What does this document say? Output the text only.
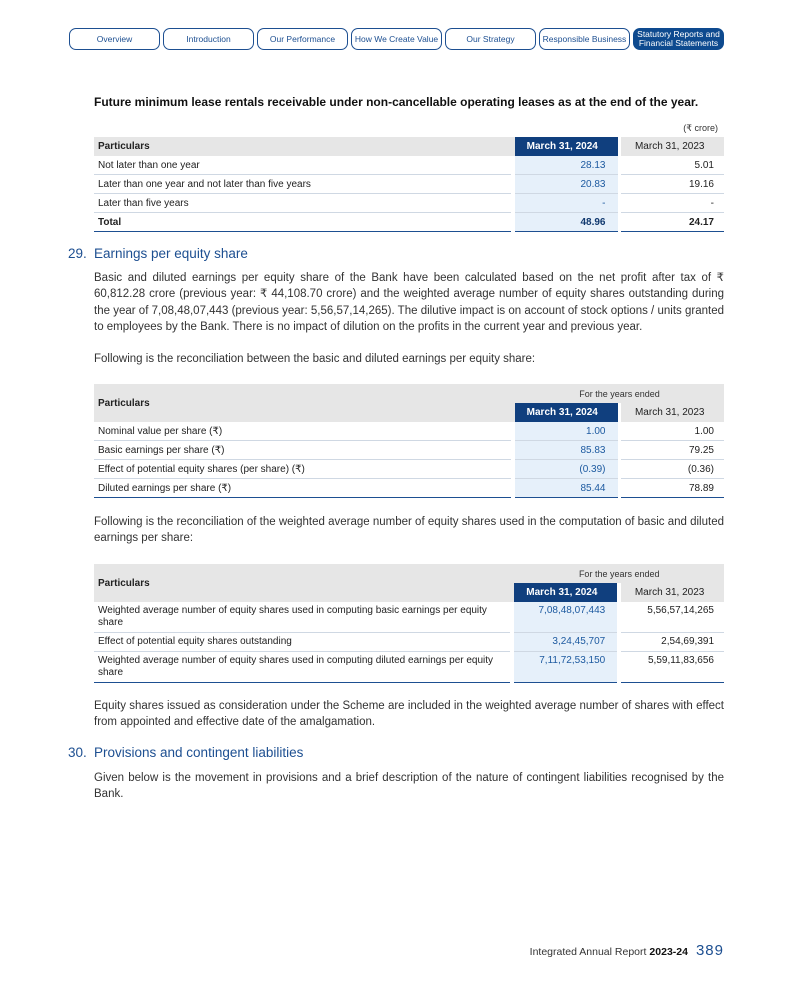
Overview	Introduction	Our Performance	How We Create Value	Our Strategy	Responsible Business	Statutory Reports and Financial Statements
Future minimum lease rentals receivable under non-cancellable operating leases as at the end of the year.
(₹ crore)
Particulars		March 31, 2024		March 31, 2023
Not later than one year		28.13		5.01
Later than one year and not later than five years		20.83		19.16
Later than five years		-		-
Total		48.96		24.17
29. Earnings per equity share
Basic and diluted earnings per equity share of the Bank have been calculated based on the net profit after tax of ₹ 60,812.28 crore (previous year: ₹ 44,108.70 crore) and the weighted average number of equity shares outstanding during the year of 7,08,48,07,443 (previous year: 5,56,57,14,265). The dilutive impact is on account of stock options / units granted to employees by the Bank. There is no impact of dilution on the profits in the current year and previous year.
Following is the reconciliation between the basic and diluted earnings per equity share:
Particulars		For the years ended		
		March 31, 2024		March 31, 2023
Nominal value per share (₹)		1.00		1.00
Basic earnings per share (₹)		85.83		79.25
Effect of potential equity shares (per share) (₹)		(0.39)		(0.36)
Diluted earnings per share (₹)		85.44		78.89
Following is the reconciliation of the weighted average number of equity shares used in the computation of basic and diluted earnings per share:
Particulars		For the years ended		
		March 31, 2024		March 31, 2023
Weighted average number of equity shares used in computing basic earnings per equity share		7,08,48,07,443		5,56,57,14,265
Effect of potential equity shares outstanding		3,24,45,707		2,54,69,391
Weighted average number of equity shares used in computing diluted earnings per equity share		7,11,72,53,150		5,59,11,83,656
Equity shares issued as consideration under the Scheme are included in the weighted average number of shares with effect from appointed and effective date of the amalgamation.
30. Provisions and contingent liabilities
Given below is the movement in provisions and a brief description of the nature of contingent liabilities recognised by the Bank.
Integrated Annual Report 2023-24 389
